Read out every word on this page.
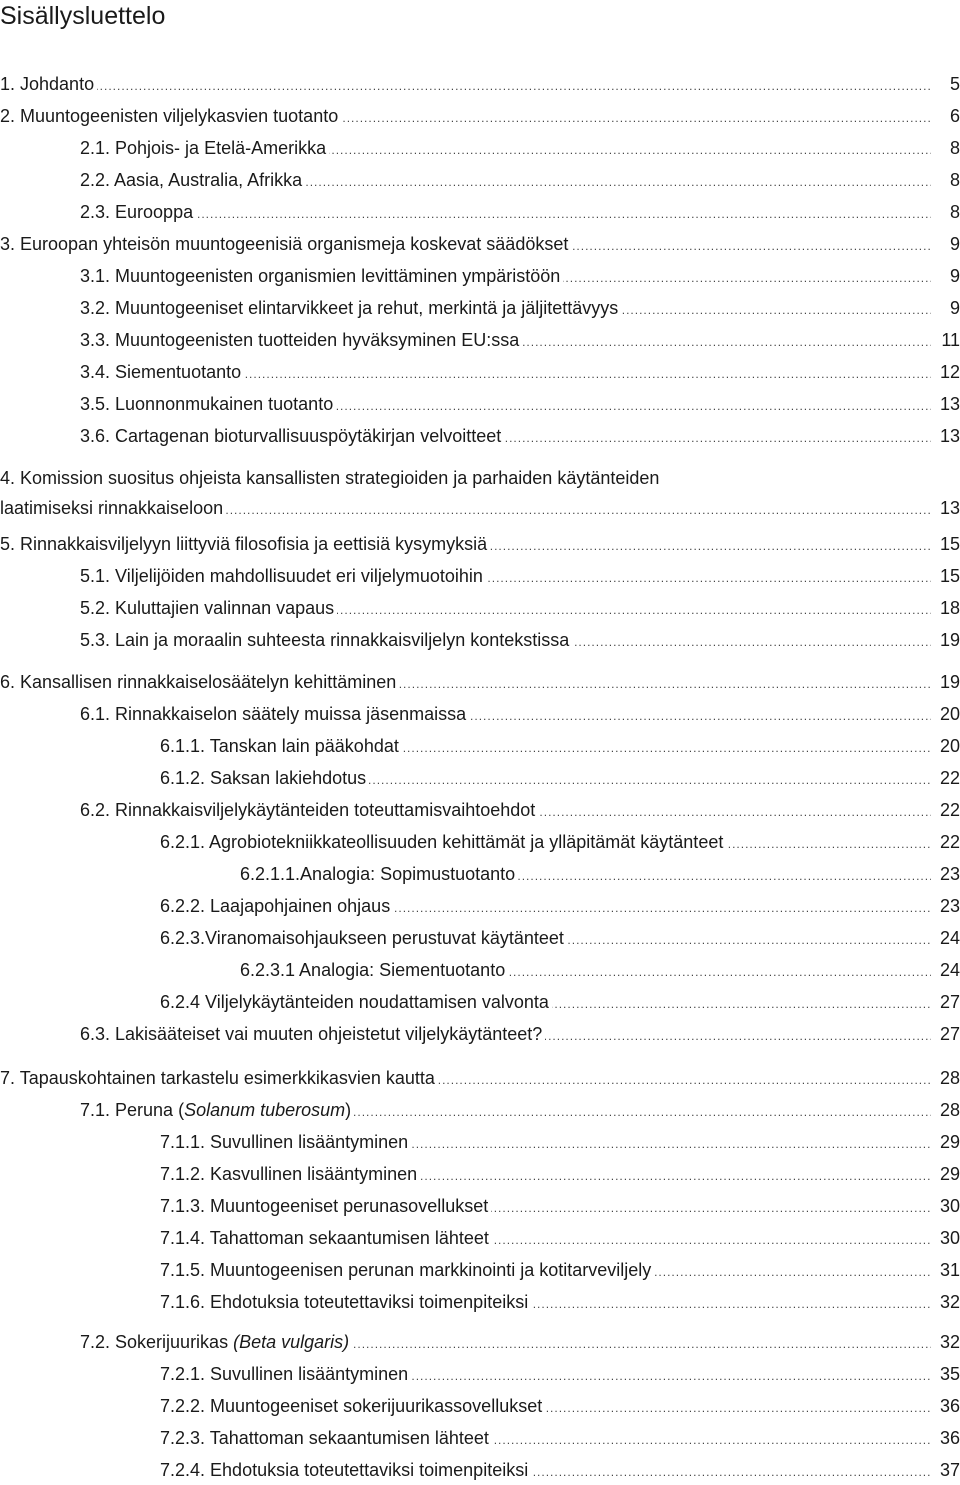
Sisällysluettelo
.....
1. Johdanto	5
.....
2. Muuntogeenisten viljelykasvien tuotanto	6
.....
2.1. Pohjois- ja Etelä-Amerikka	8
.....
2.2. Aasia, Australia, Afrikka	8
.....
2.3. Eurooppa	8
.....
3. Euroopan yhteisön muuntogeenisiä organismeja koskevat säädökset	9
.....
3.1. Muuntogeenisten organismien levittäminen ympäristöön	9
.....
3.2. Muuntogeeniset elintarvikkeet ja rehut, merkintä ja jäljitettävyys	9
.....
3.3. Muuntogeenisten tuotteiden hyväksyminen EU:ssa	11
.....
3.4. Siementuotanto	12
.....
3.5. Luonnonmukainen tuotanto	13
.....
3.6. Cartagenan bioturvallisuuspöytäkirjan velvoitteet	13
4. Komission suositus ohjeista kansallisten strategioiden ja parhaiden käytänteiden
.....
laatimiseksi rinnakkaiseloon	13
.....
5. Rinnakkaisviljelyyn liittyviä filosofisia ja eettisiä kysymyksiä	15
.....
5.1. Viljelijöiden mahdollisuudet eri viljelymuotoihin	15
.....
5.2. Kuluttajien valinnan vapaus	18
.....
5.3. Lain ja moraalin suhteesta rinnakkaisviljelyn kontekstissa	19
.....
6. Kansallisen rinnakkaiselosäätelyn kehittäminen	19
.....
6.1. Rinnakkaiselon säätely muissa jäsenmaissa	20
.....
6.1.1. Tanskan lain pääkohdat	20
.....
6.1.2. Saksan lakiehdotus	22
.....
6.2. Rinnakkaisviljelykäytänteiden toteuttamisvaihtoehdot	22
.....
6.2.1. Agrobiotekniikkateollisuuden kehittämät ja ylläpitämät käytänteet	22
.....
6.2.1.1.Analogia: Sopimustuotanto	23
.....
6.2.2. Laajapohjainen ohjaus	23
.....
6.2.3.Viranomaisohjaukseen perustuvat käytänteet	24
.....
6.2.3.1 Analogia: Siementuotanto	24
.....
6.2.4 Viljelykäytänteiden noudattamisen valvonta	27
.....
6.3. Lakisääteiset vai muuten ohjeistetut viljelykäytänteet?	27
.....
7. Tapauskohtainen tarkastelu esimerkkikasvien kautta	28
.....
7.1. Peruna (Solanum tuberosum)	28
.....
7.1.1. Suvullinen lisääntyminen	29
.....
7.1.2. Kasvullinen lisääntyminen	29
.....
7.1.3. Muuntogeeniset perunasovellukset	30
.....
7.1.4. Tahattoman sekaantumisen lähteet	30
.....
7.1.5. Muuntogeenisen perunan markkinointi ja kotitarveviljely	31
.....
7.1.6. Ehdotuksia toteutettaviksi toimenpiteiksi	32
.....
7.2. Sokerijuurikas (Beta vulgaris)	32
.....
7.2.1. Suvullinen lisääntyminen	35
.....
7.2.2. Muuntogeeniset sokerijuurikassovellukset	36
.....
7.2.3. Tahattoman sekaantumisen lähteet	36
.....
7.2.4. Ehdotuksia toteutettaviksi toimenpiteiksi	37
